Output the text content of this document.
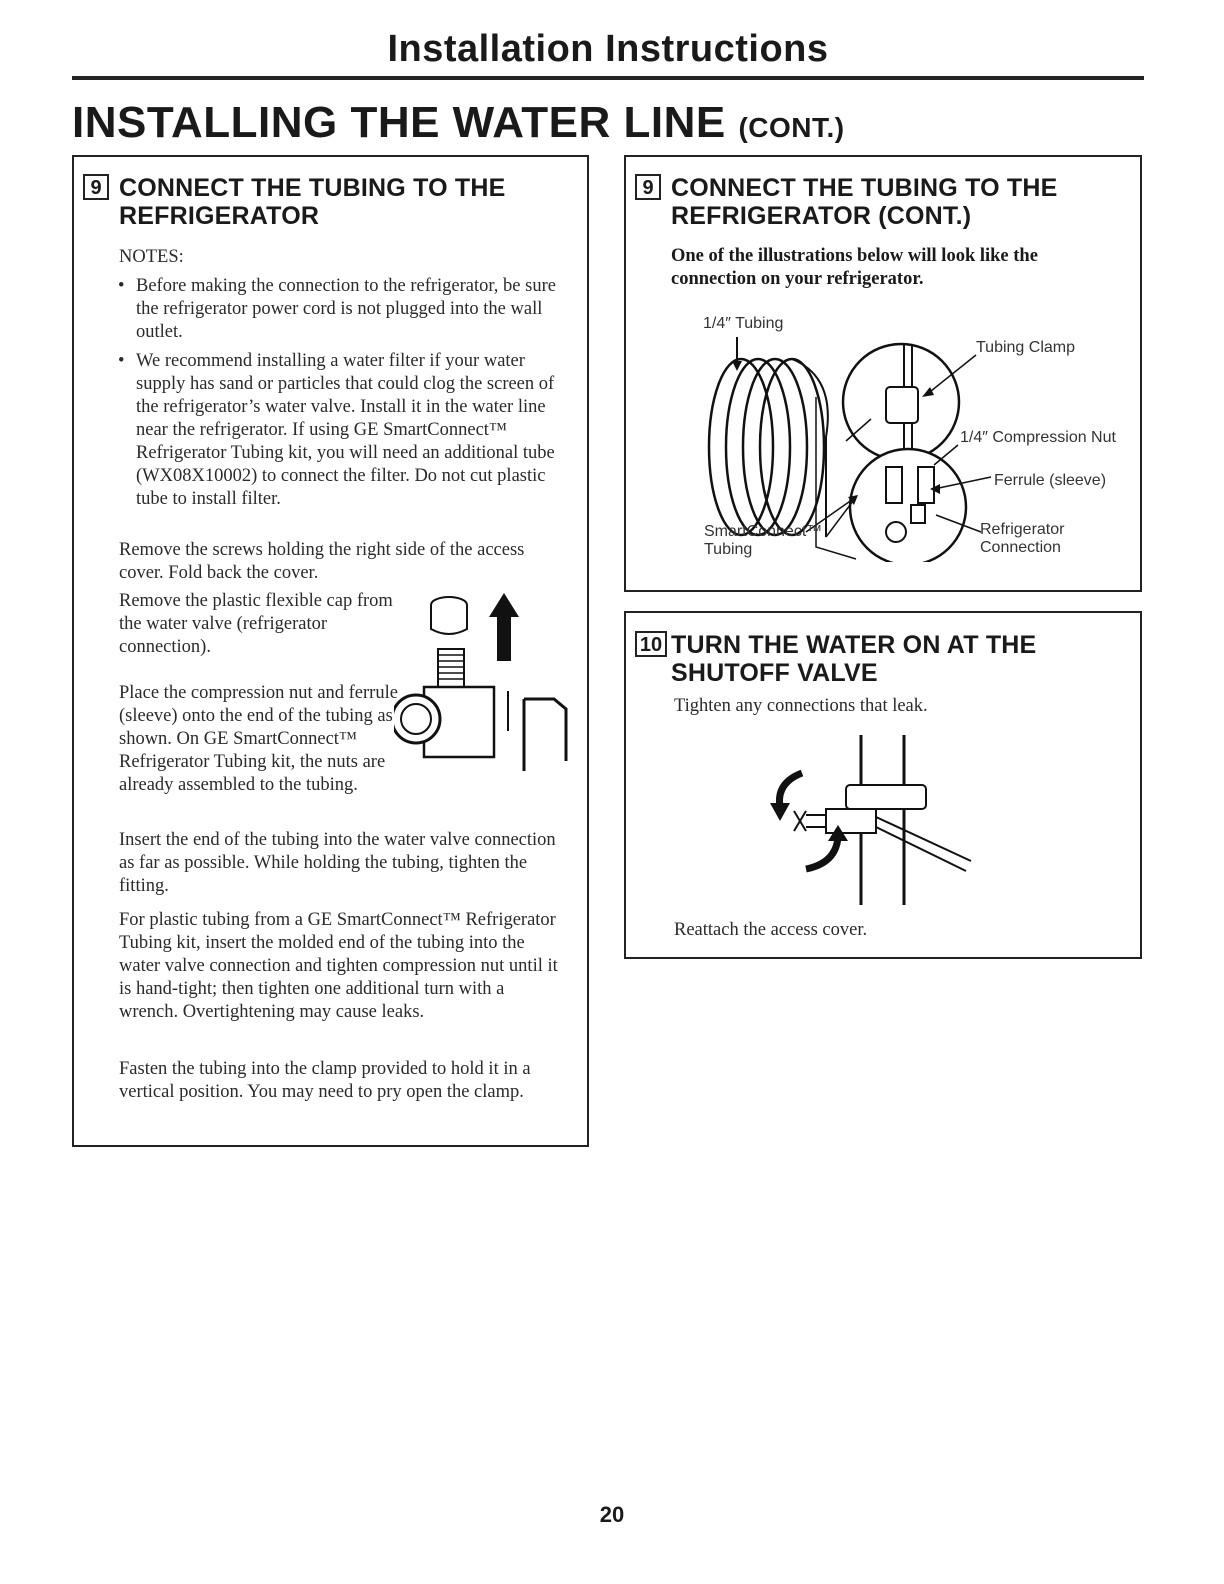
Installation Instructions
INSTALLING THE WATER LINE (CONT.)
9 CONNECT THE TUBING TO THE
REFRIGERATOR
NOTES:
• Before making the connection to the refrigerator, be sure the refrigerator power cord is not plugged into the wall outlet.
• We recommend installing a water filter if your water supply has sand or particles that could clog the screen of the refrigerator’s water valve. Install it in the water line near the refrigerator. If using GE SmartConnect™ Refrigerator Tubing kit, you will need an additional tube (WX08X10002) to connect the filter. Do not cut plastic tube to install filter.
Remove the screws holding the right side of the access cover. Fold back the cover.
Remove the plastic flexible cap from the water valve (refrigerator connection).
Place the compression nut and ferrule (sleeve) onto the end of the tubing as shown. On GE SmartConnect™ Refrigerator Tubing kit, the nuts are already assembled to the tubing.
Insert the end of the tubing into the water valve connection as far as possible. While holding the tubing, tighten the fitting.
For plastic tubing from a GE SmartConnect™ Refrigerator Tubing kit, insert the molded end of the tubing into the water valve connection and tighten compression nut until it is hand-tight; then tighten one additional turn with a wrench. Overtightening may cause leaks.
Fasten the tubing into the clamp provided to hold it in a vertical position. You may need to pry open the clamp.
9 CONNECT THE TUBING TO THE
REFRIGERATOR (CONT.)
One of the illustrations below will look like the connection on your refrigerator.
1/4″ Tubing
Tubing Clamp
1/4″ Compression Nut
Ferrule (sleeve)
SmartConnect™
Tubing
Refrigerator
Connection
10 TURN THE WATER ON AT THE
SHUTOFF VALVE
Tighten any connections that leak.
Reattach the access cover.
20
